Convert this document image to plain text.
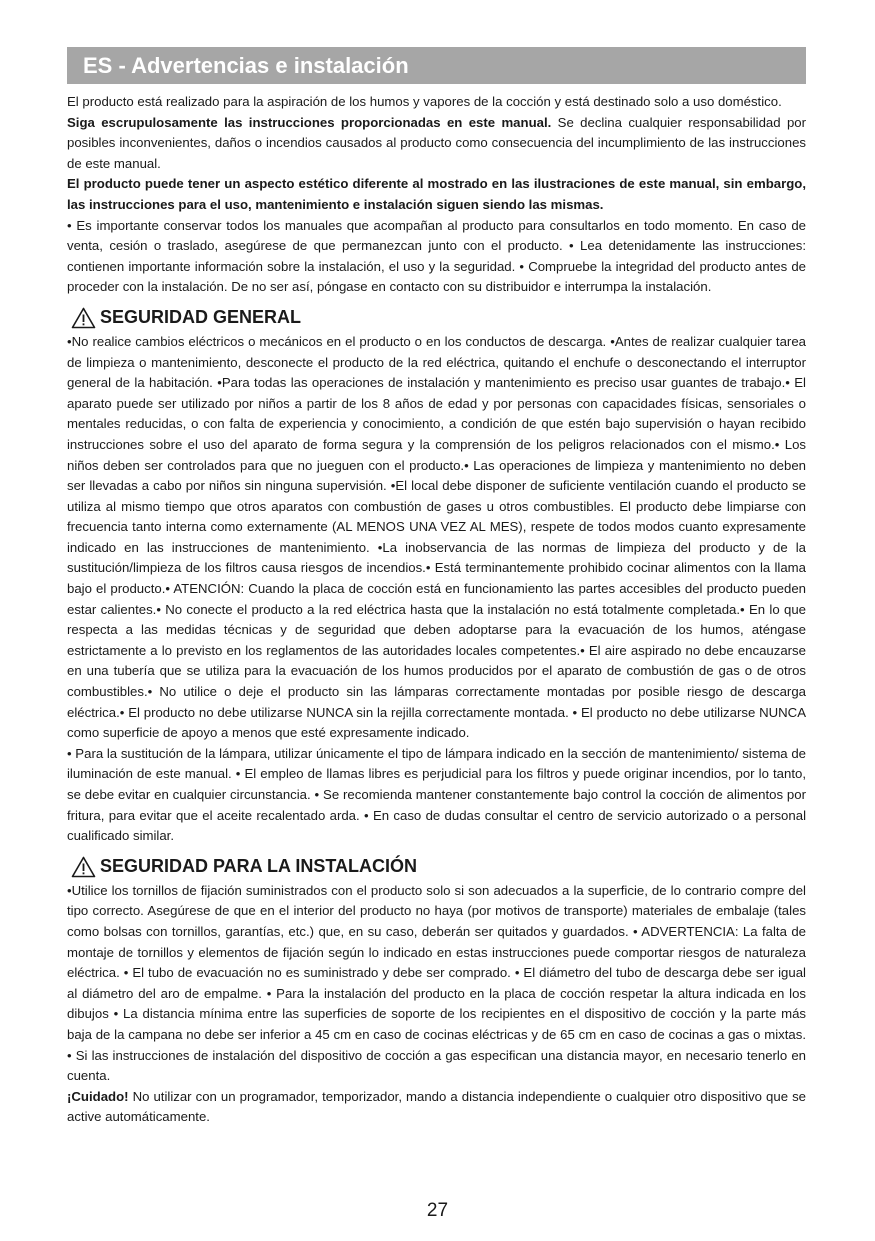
ES - Advertencias e instalación

El producto está realizado para la aspiración de los humos y vapores de la cocción y está destinado solo a uso doméstico.

Siga escrupulosamente las instrucciones proporcionadas en este manual. Se declina cualquier responsabilidad por posibles inconvenientes, daños o incendios causados al producto como consecuencia del incumplimiento de las instrucciones de este manual.

El producto puede tener un aspecto estético diferente al mostrado en las ilustraciones de este manual, sin embargo, las instrucciones para el uso, mantenimiento e instalación siguen siendo las mismas.

• Es importante conservar todos los manuales que acompañan al producto para consultarlos en todo momento. En caso de venta, cesión o traslado, asegúrese de que permanezcan junto con el producto. • Lea detenidamente las instrucciones: contienen importante información sobre la instalación, el uso y la seguridad. • Compruebe la integridad del producto antes de proceder con la instalación. De no ser así, póngase en contacto con su distribuidor e interrumpa la instalación.

SEGURIDAD GENERAL

•No realice cambios eléctricos o mecánicos en el producto o en los conductos de descarga. •Antes de realizar cualquier tarea de limpieza o mantenimiento, desconecte el producto de la red eléctrica, quitando el enchufe o desconectando el interruptor general de la habitación. •Para todas las operaciones de instalación y mantenimiento es preciso usar guantes de trabajo.• El aparato puede ser utilizado por niños a partir de los 8 años de edad y por personas con capacidades físicas, sensoriales o mentales reducidas, o con falta de experiencia y conocimiento, a condición de que estén bajo supervisión o hayan recibido instrucciones sobre el uso del aparato de forma segura y la comprensión de los peligros relacionados con el mismo.• Los niños deben ser controlados para que no jueguen con el producto.• Las operaciones de limpieza y mantenimiento no deben ser llevadas a cabo por niños sin ninguna supervisión. •El local debe disponer de suficiente ventilación cuando el producto se utiliza al mismo tiempo que otros aparatos con combustión de gases u otros combustibles. El producto debe limpiarse con frecuencia tanto interna como externamente (AL MENOS UNA VEZ AL MES), respete de todos modos cuanto expresamente indicado en las instrucciones de mantenimiento. •La inobservancia de las normas de limpieza del producto y de la sustitución/limpieza de los filtros causa riesgos de incendios.• Está terminantemente prohibido cocinar alimentos con la llama bajo el producto.• ATENCIÓN: Cuando la placa de cocción está en funcionamiento las partes accesibles del producto pueden estar calientes.• No conecte el producto a la red eléctrica hasta que la instalación no está totalmente completada.• En lo que respecta a las medidas técnicas y de seguridad que deben adoptarse para la evacuación de los humos, aténgase estrictamente a lo previsto en los reglamentos de las autoridades locales competentes.• El aire aspirado no debe encauzarse en una tubería que se utiliza para la evacuación de los humos producidos por el aparato de combustión de gas o de otros combustibles.• No utilice o deje el producto sin las lámparas correctamente montadas por posible riesgo de descarga eléctrica.• El producto no debe utilizarse NUNCA sin la rejilla correctamente montada. • El producto no debe utilizarse NUNCA como superficie de apoyo a menos que esté expresamente indicado.

• Para la sustitución de la lámpara, utilizar únicamente el tipo de lámpara indicado en la sección de mantenimiento/ sistema de iluminación de este manual. • El empleo de llamas libres es perjudicial para los filtros y puede originar incendios, por lo tanto, se debe evitar en cualquier circunstancia. • Se recomienda mantener constantemente bajo control la cocción de alimentos por fritura, para evitar que el aceite recalentado arda. • En caso de dudas consultar el centro de servicio autorizado o a personal cualificado similar.

SEGURIDAD PARA LA INSTALACIÓN

•Utilice los tornillos de fijación suministrados con el producto solo si son adecuados a la superficie, de lo contrario compre del tipo correcto. Asegúrese de que en el interior del producto no haya (por motivos de transporte) materiales de embalaje (tales como bolsas con tornillos, garantías, etc.) que, en su caso, deberán ser quitados y guardados. • ADVERTENCIA: La falta de montaje de tornillos y elementos de fijación según lo indicado en estas instrucciones puede comportar riesgos de naturaleza eléctrica. • El tubo de evacuación no es suministrado y debe ser comprado. • El diámetro del tubo de descarga debe ser igual al diámetro del aro de empalme. • Para la instalación del producto en la placa de cocción respetar la altura indicada en los dibujos • La distancia mínima entre las superficies de soporte de los recipientes en el dispositivo de cocción y la parte más baja de la campana no debe ser inferior a 45 cm en caso de cocinas eléctricas y de 65 cm en caso de cocinas a gas o mixtas. • Si las instrucciones de instalación del dispositivo de cocción a gas especifican una distancia mayor, en necesario tenerlo en cuenta.

¡Cuidado! No utilizar con un programador, temporizador, mando a distancia independiente o cualquier otro dispositivo que se active automáticamente.

27
